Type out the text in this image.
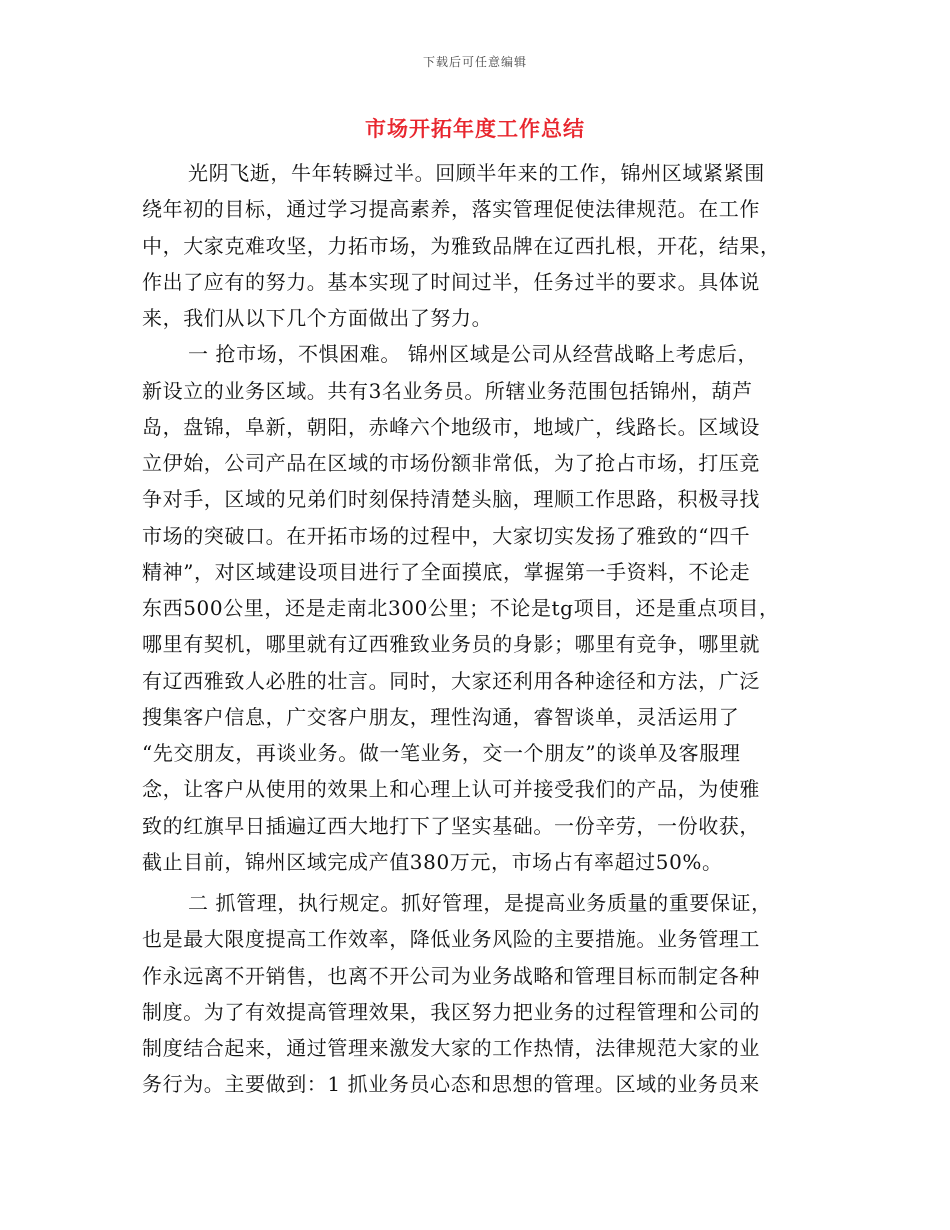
下载后可任意编辑
市场开拓年度工作总结
光阴飞逝，牛年转瞬过半。回顾半年来的工作，锦州区域紧紧围
绕年初的目标，通过学习提高素养，落实管理促使法律规范。在工作
中，大家克难攻坚，力拓市场，为雅致品牌在辽西扎根，开花，结果，
作出了应有的努力。基本实现了时间过半，任务过半的要求。具体说
来，我们从以下几个方面做出了努力。
一 抢市场，不惧困难。 锦州区域是公司从经营战略上考虑后，
新设立的业务区域。共有3名业务员。所辖业务范围包括锦州，葫芦
岛，盘锦，阜新，朝阳，赤峰六个地级市，地域广，线路长。区域设
立伊始，公司产品在区域的市场份额非常低，为了抢占市场，打压竞
争对手，区域的兄弟们时刻保持清楚头脑，理顺工作思路，积极寻找
市场的突破口。在开拓市场的过程中，大家切实发扬了雅致的“四千
精神”，对区域建设项目进行了全面摸底，掌握第一手资料，不论走
东西500公里，还是走南北300公里；不论是tg项目，还是重点项目，
哪里有契机，哪里就有辽西雅致业务员的身影；哪里有竞争，哪里就
有辽西雅致人必胜的壮言。同时，大家还利用各种途径和方法，广泛
搜集客户信息，广交客户朋友，理性沟通，睿智谈单，灵活运用了
“先交朋友，再谈业务。做一笔业务，交一个朋友”的谈单及客服理
念，让客户从使用的效果上和心理上认可并接受我们的产品，为使雅
致的红旗早日插遍辽西大地打下了坚实基础。一份辛劳，一份收获，
截止目前，锦州区域完成产值380万元，市场占有率超过50%。
二 抓管理，执行规定。抓好管理，是提高业务质量的重要保证，
也是最大限度提高工作效率，降低业务风险的主要措施。业务管理工
作永远离不开销售，也离不开公司为业务战略和管理目标而制定各种
制度。为了有效提高管理效果，我区努力把业务的过程管理和公司的
制度结合起来，通过管理来激发大家的工作热情，法律规范大家的业
务行为。主要做到：1 抓业务员心态和思想的管理。区域的业务员来
